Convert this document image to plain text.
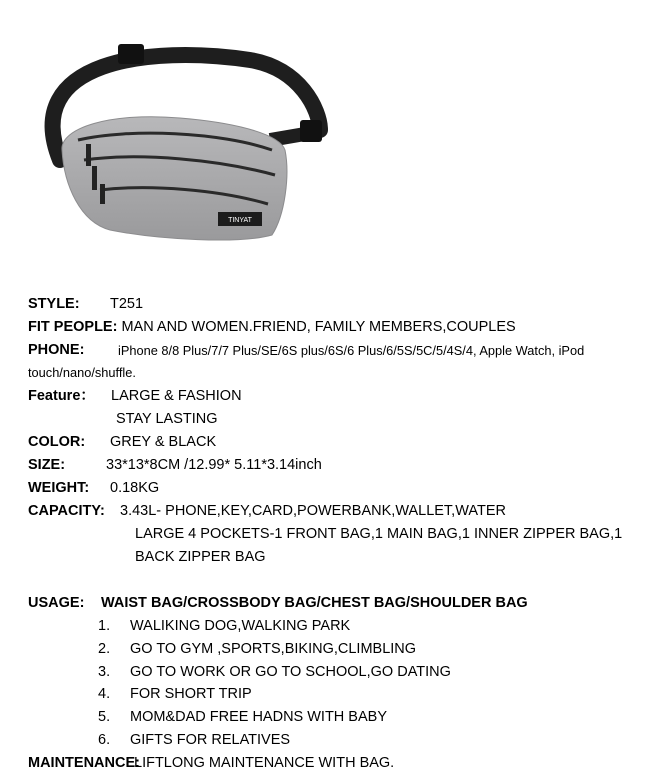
TINYAT
STYLE: T251
FIT PEOPLE: MAN AND WOMEN.FRIEND, FAMILY MEMBERS,COUPLES
PHONE:	iPhone 8/8 Plus/7/7 Plus/SE/6S plus/6S/6 Plus/6/5S/5C/5/4S/4, Apple Watch, iPod
touch/nano/shuffle.
Feature： LARGE & FASHION
STAY LASTING
COLOR: GREY & BLACK
SIZE:	33*13*8CM /12.99* 5.11*3.14inch
WEIGHT: 0.18KG
CAPACITY: 3.43L- PHONE,KEY,CARD,POWERBANK,WALLET,WATER
LARGE 4 POCKETS-1 FRONT BAG,1 MAIN BAG,1 INNER ZIPPER BAG,1
BACK ZIPPER BAG
USAGE: WAIST BAG/CROSSBODY BAG/CHEST BAG/SHOULDER BAG
1. WALIKING DOG,WALKING PARK
2. GO TO GYM ,SPORTS,BIKING,CLIMBLING
3. GO TO WORK OR GO TO SCHOOL,GO DATING
4. FOR SHORT TRIP
5. MOM&DAD FREE HADNS WITH BABY
6. GIFTS FOR RELATIVES
MAINTENANCE:
LIFTLONG MAINTENANCE WITH BAG.
